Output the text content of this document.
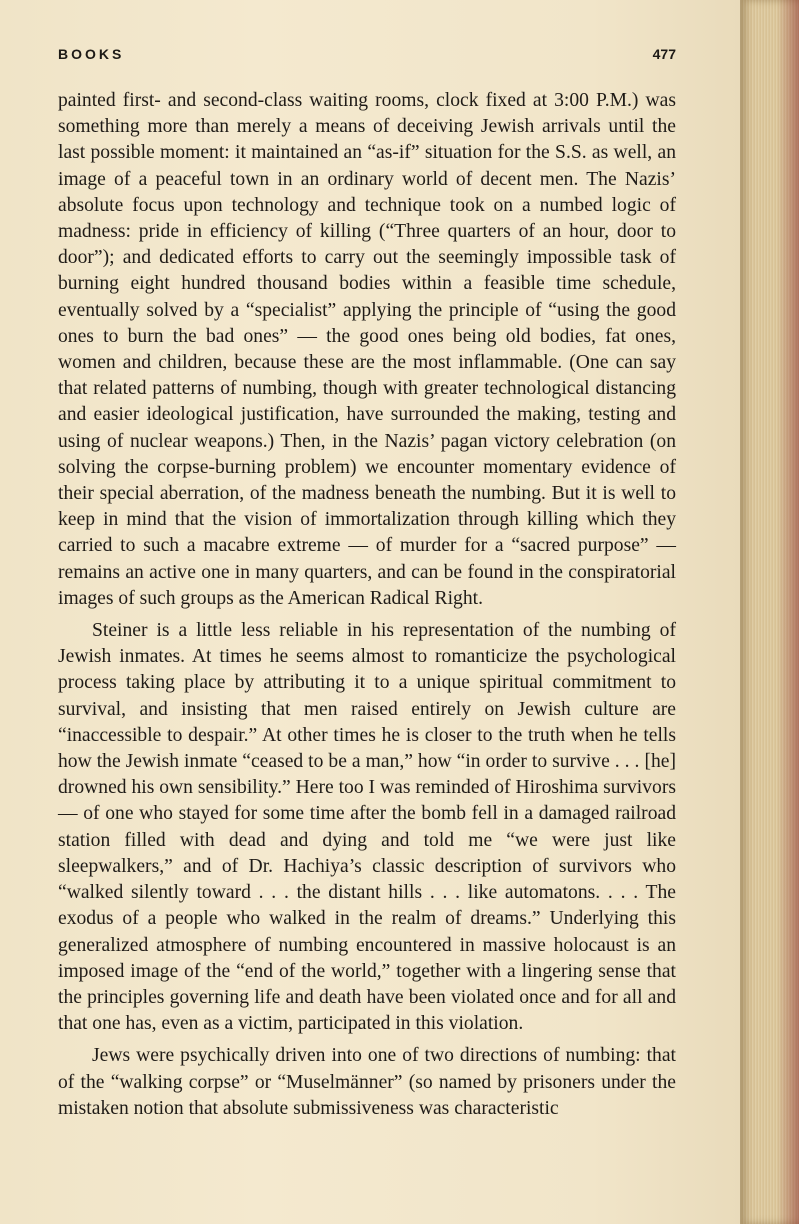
BOOKS	477

painted first- and second-class waiting rooms, clock fixed at 3:00 P.M.) was something more than merely a means of deceiving Jewish arrivals until the last possible moment: it maintained an “as-if” situation for the S.S. as well, an image of a peaceful town in an ordinary world of decent men. The Nazis’ absolute focus upon technology and technique took on a numbed logic of madness: pride in efficiency of killing (“Three quarters of an hour, door to door”); and dedicated efforts to carry out the seemingly impossible task of burning eight hundred thousand bodies within a feasible time schedule, eventually solved by a “specialist” applying the principle of “using the good ones to burn the bad ones” — the good ones being old bodies, fat ones, women and children, because these are the most inflammable. (One can say that related patterns of numbing, though with greater technological distancing and easier ideological justification, have surrounded the making, testing and using of nuclear weapons.) Then, in the Nazis’ pagan victory celebration (on solving the corpse-burning problem) we encounter momentary evidence of their special aberration, of the madness beneath the numbing. But it is well to keep in mind that the vision of immortalization through killing which they carried to such a macabre extreme — of murder for a “sacred purpose” — remains an active one in many quarters, and can be found in the conspiratorial images of such groups as the American Radical Right.

Steiner is a little less reliable in his representation of the numbing of Jewish inmates. At times he seems almost to romanticize the psychological process taking place by attributing it to a unique spiritual commitment to survival, and insisting that men raised entirely on Jewish culture are “inaccessible to despair.” At other times he is closer to the truth when he tells how the Jewish inmate “ceased to be a man,” how “in order to survive . . . [he] drowned his own sensibility.” Here too I was reminded of Hiroshima survivors — of one who stayed for some time after the bomb fell in a damaged railroad station filled with dead and dying and told me “we were just like sleepwalkers,” and of Dr. Hachiya’s classic description of survivors who “walked silently toward . . . the distant hills . . . like automatons. . . . The exodus of a people who walked in the realm of dreams.” Underlying this generalized atmosphere of numbing encountered in massive holocaust is an imposed image of the “end of the world,” together with a lingering sense that the principles governing life and death have been violated once and for all and that one has, even as a victim, participated in this violation.

Jews were psychically driven into one of two directions of numbing: that of the “walking corpse” or “Muselmänner” (so named by prisoners under the mistaken notion that absolute submissiveness was characteristic
